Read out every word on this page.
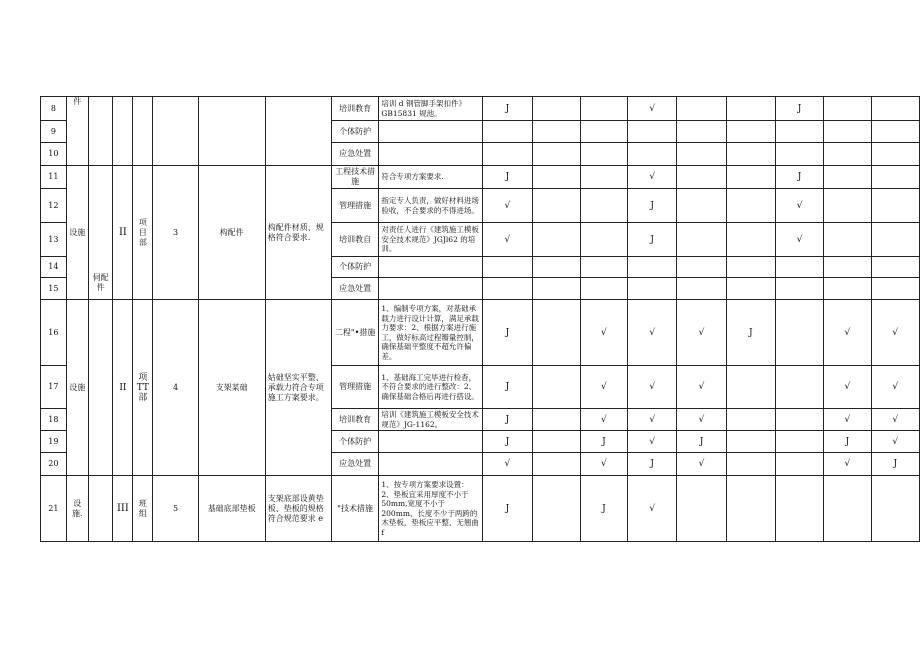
8	件							培训教育	培训 d 钢管脚手架扣件》GB15831 规池。	J			√			J		
9								个体防护										
10								应急处置										
11	设施	伺配件	II	项目部	3	构配件	构配件材质、规格符合要求.	工程技术措施	符合专项方案要求.	J			√			J		
12								管理措施	指定专人负责，做好材料进场验收，不合要求的不得进场。	√			J			√		
13								培训教自	对责任人进行《建筑施工模板安全技术规范》JGJl62 的培训。	√			J			√		
14								个体防护										
15								应急处置										
16	设施		II	项TT部	4	支架某础	姑础坚实平整、承载力符合专项施工方案要求。	二程"•措施	1、编制专项方案，对基础承载力进行设计计算，满足承载力要求：2、根据方案进行施工，做好标高过程瓣量控制，确保基础平整度不超允许偏差。	J		√	√	√	J		√	√
17								管理措施	1、基础海工完毕进行检杳，不符合要求的进行整改：2、确保基础合格后再进行搭设。	J		√	√	√			√	√
18								培训教育	培训《建筑施工模板安全技术规范》JG-1162。	J		√	√	√			√	√
19								个体防护		J		J	√	J			J	√
20								应急处置		√		√	J	√			√	J
21	设施.		III	班组	5	基础底部垫板	支架底部设黄垫板、垫板的规格符合规范要求 e	"技术措施	1、按专项方案要求设置：2、垫板宜采用厚度不小于50mm,宽度不小于200mm、长度不少于两跨的木垫板，垫板应平整、无翘曲 f	J		J	√					
